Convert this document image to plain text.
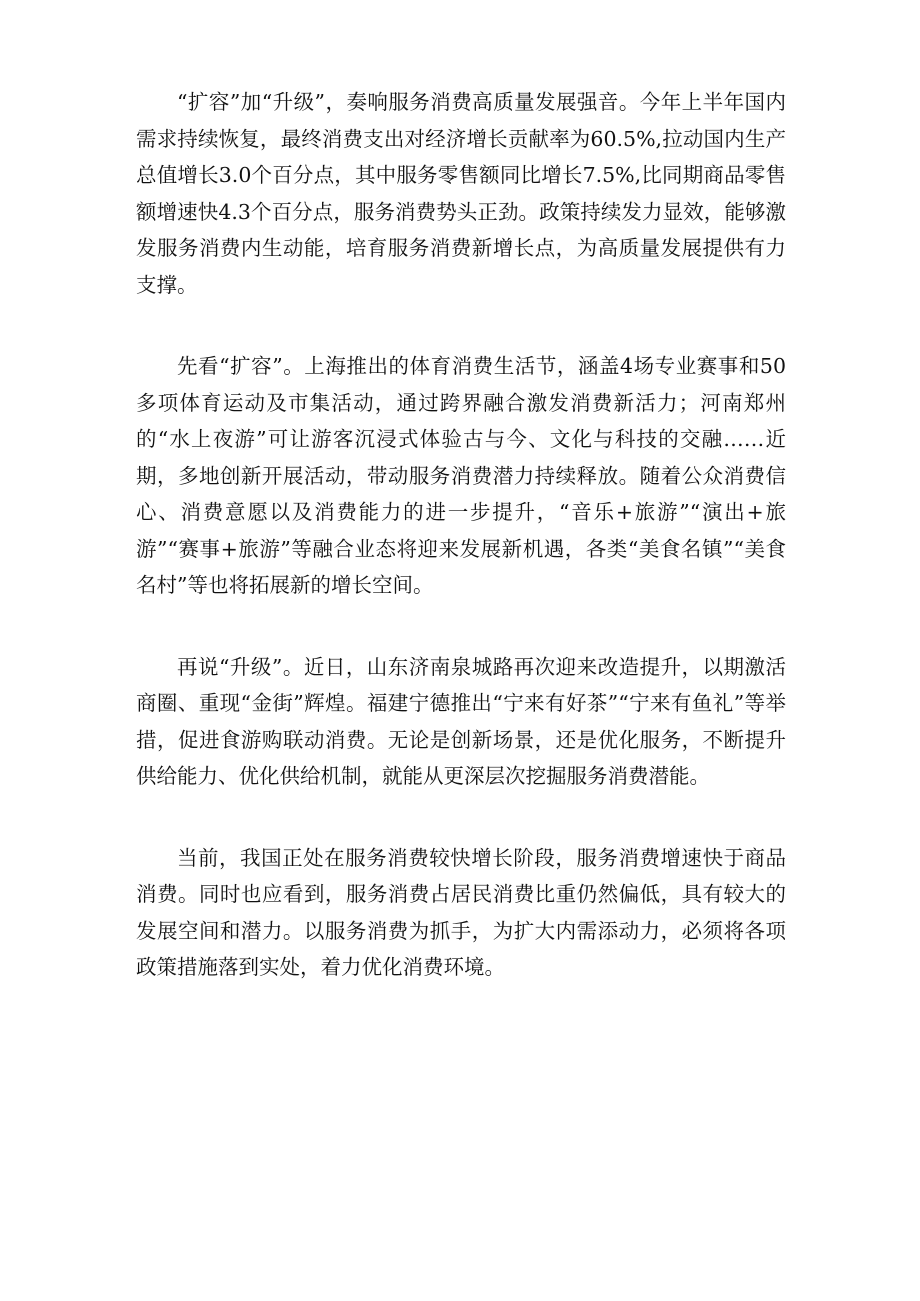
“扩容”加“升级”，奏响服务消费高质量发展强音。今年上半年国内需求持续恢复，最终消费支出对经济增长贡献率为60.5%,拉动国内生产总值增长3.0个百分点，其中服务零售额同比增长7.5%,比同期商品零售额增速快4.3个百分点，服务消费势头正劲。政策持续发力显效，能够激发服务消费内生动能，培育服务消费新增长点，为高质量发展提供有力支撑。

先看“扩容”。上海推出的体育消费生活节，涵盖4场专业赛事和50多项体育运动及市集活动，通过跨界融合激发消费新活力；河南郑州的“水上夜游”可让游客沉浸式体验古与今、文化与科技的交融……近期，多地创新开展活动，带动服务消费潜力持续释放。随着公众消费信心、消费意愿以及消费能力的进一步提升，“音乐+旅游”“演出+旅游”“赛事+旅游”等融合业态将迎来发展新机遇，各类“美食名镇”“美食名村”等也将拓展新的增长空间。

再说“升级”。近日，山东济南泉城路再次迎来改造提升，以期激活商圈、重现“金街”辉煌。福建宁德推出“宁来有好茶”“宁来有鱼礼”等举措，促进食游购联动消费。无论是创新场景，还是优化服务，不断提升供给能力、优化供给机制，就能从更深层次挖掘服务消费潜能。

当前，我国正处在服务消费较快增长阶段，服务消费增速快于商品消费。同时也应看到，服务消费占居民消费比重仍然偏低，具有较大的发展空间和潜力。以服务消费为抓手，为扩大内需添动力，必须将各项政策措施落到实处，着力优化消费环境。
